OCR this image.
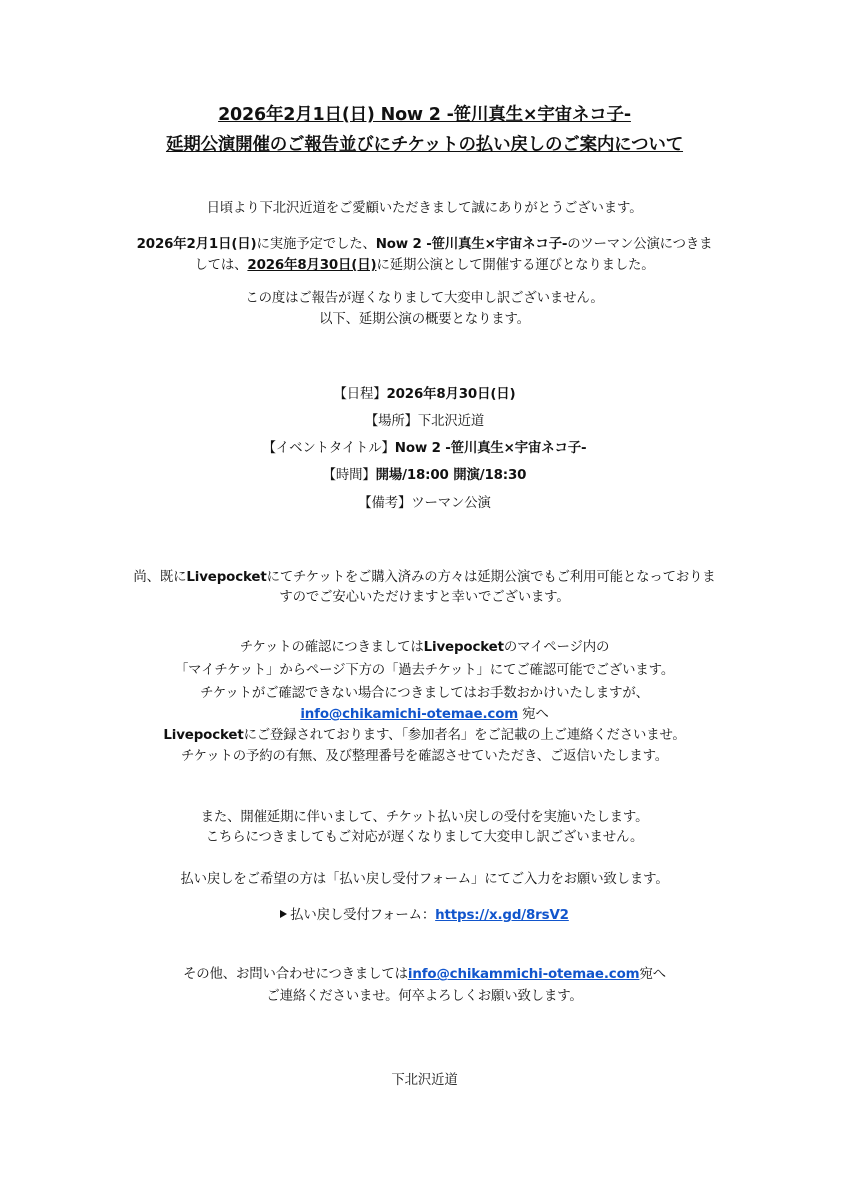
2026年2月1日(日) Now 2 -笹川真生×宇宙ネコ子-
延期公演開催のご報告並びにチケットの払い戻しのご案内について
日頃より下北沢近道をご愛顧いただきまして誠にありがとうございます。
2026年2月1日(日)に実施予定でした、Now 2 -笹川真生×宇宙ネコ子-のツーマン公演につきま
しては、2026年8月30日(日)に延期公演として開催する運びとなりました。
この度はご報告が遅くなりまして大変申し訳ございません。
以下、延期公演の概要となります。
【日程】2026年8月30日(日)
【場所】下北沢近道
【イベントタイトル】Now 2 -笹川真生×宇宙ネコ子-
【時間】開場/18:00 開演/18:30
【備考】ツーマン公演
尚、既にLivepocketにてチケットをご購入済みの方々は延期公演でもご利用可能となっておりま
すのでご安心いただけますと幸いでございます。
チケットの確認につきましてはLivepocketのマイページ内の
「マイチケット」からページ下方の「過去チケット」にてご確認可能でございます。
チケットがご確認できない場合につきましてはお手数おかけいたしますが、
info@chikamichi-otemae.com 宛へ
Livepocketにご登録されております、「参加者名」をご記載の上ご連絡くださいませ。
チケットの予約の有無、及び整理番号を確認させていただき、ご返信いたします。
また、開催延期に伴いまして、チケット払い戻しの受付を実施いたします。
こちらにつきましてもご対応が遅くなりまして大変申し訳ございません。
払い戻しをご希望の方は「払い戻し受付フォーム」にてご入力をお願い致します。
払い戻し受付フォーム：https://x.gd/8rsV2
その他、お問い合わせにつきましてはinfo@chikammichi-otemae.com宛へ
ご連絡くださいませ。何卒よろしくお願い致します。
下北沢近道
